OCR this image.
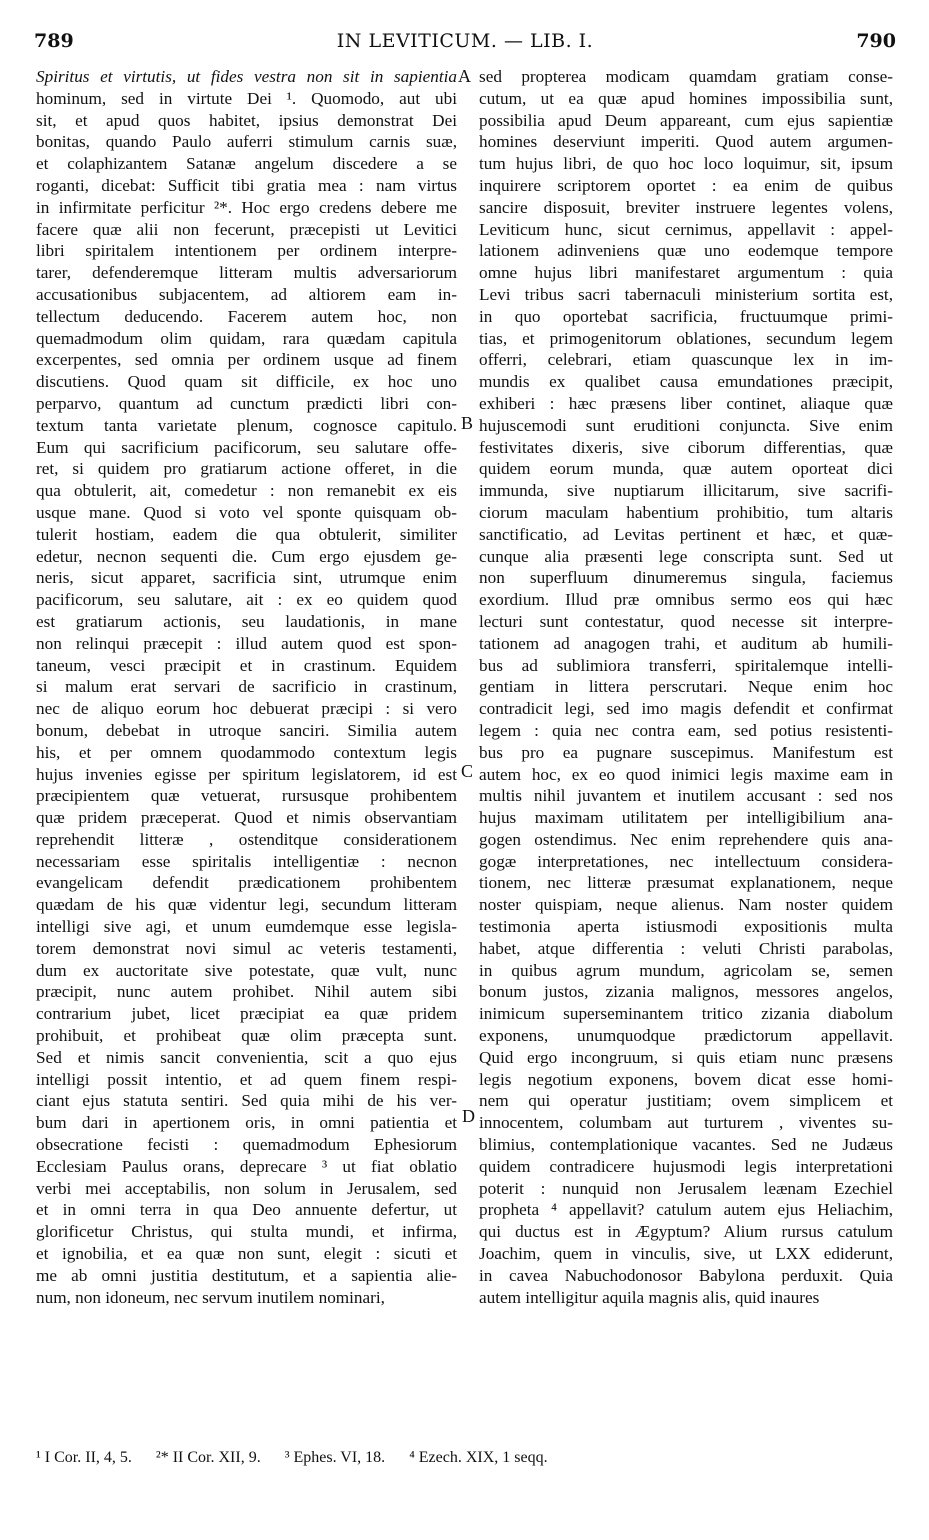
789	IN LEVITICUM. — LIB. I.	790
Spiritus et virtutis, ut fides vestra non sit in sapientia
hominum, sed in virtute Dei ¹. Quomodo, aut ubi
sit, et apud quos habitet, ipsius demonstrat Dei
bonitas, quando Paulo auferri stimulum carnis suæ,
et colaphizantem Satanæ angelum discedere a se
roganti, dicebat: Sufficit tibi gratia mea : nam virtus
in infirmitate perficitur ²*. Hoc ergo credens debere me
facere quæ alii non fecerunt, præcepisti ut Levitici
libri spiritalem intentionem per ordinem interpre-
tarer, defenderemque litteram multis adversariorum
accusationibus subjacentem, ad altiorem eam in-
tellectum deducendo. Facerem autem hoc, non
quemadmodum olim quidam, rara quædam capitula
excerpentes, sed omnia per ordinem usque ad finem
discutiens. Quod quam sit difficile, ex hoc uno
perparvo, quantum ad cunctum prædicti libri con-
textum tanta varietate plenum, cognosce capitulo.
Eum qui sacrificium pacificorum, seu salutare offe-
ret, si quidem pro gratiarum actione offeret, in die
qua obtulerit, ait, comedetur : non remanebit ex eis
usque mane. Quod si voto vel sponte quisquam ob-
tulerit hostiam, eadem die qua obtulerit, similiter
edetur, necnon sequenti die. Cum ergo ejusdem ge-
neris, sicut apparet, sacrificia sint, utrumque enim
pacificorum, seu salutare, ait : ex eo quidem quod
est gratiarum actionis, seu laudationis, in mane
non relinqui præcepit : illud autem quod est spon-
taneum, vesci præcipit et in crastinum. Equidem
si malum erat servari de sacrificio in crastinum,
nec de aliquo eorum hoc debuerat præcipi : si vero
bonum, debebat in utroque sanciri. Similia autem
his, et per omnem quodammodo contextum legis
hujus invenies egisse per spiritum legislatorem, id est
præcipientem quæ vetuerat, rursusque prohibentem
quæ pridem præceperat. Quod et nimis observantiam
reprehendit litteræ , ostenditque considerationem
necessariam esse spiritalis intelligentiæ : necnon
evangelicam defendit prædicationem prohibentem
quædam de his quæ videntur legi, secundum litteram
intelligi sive agi, et unum eumdemque esse legisla-
torem demonstrat novi simul ac veteris testamenti,
dum ex auctoritate sive potestate, quæ vult, nunc
præcipit, nunc autem prohibet. Nihil autem sibi
contrarium jubet, licet præcipiat ea quæ pridem
prohibuit, et prohibeat quæ olim præcepta sunt.
Sed et nimis sancit convenientia, scit a quo ejus
intelligi possit intentio, et ad quem finem respi-
ciant ejus statuta sentiri. Sed quia mihi de his ver-
bum dari in apertionem oris, in omni patientia et
obsecratione fecisti : quemadmodum Ephesiorum
Ecclesiam Paulus orans, deprecare ³ ut fiat oblatio
verbi mei acceptabilis, non solum in Jerusalem, sed
et in omni terra in qua Deo annuente defertur, ut
glorificetur Christus, qui stulta mundi, et infirma,
et ignobilia, et ea quæ non sunt, elegit : sicuti et
me ab omni justitia destitutum, et a sapientia alie-
num, non idoneum, nec servum inutilem nominari,
sed propterea modicam quamdam gratiam conse-
cutum, ut ea quæ apud homines impossibilia sunt,
possibilia apud Deum appareant, cum ejus sapientiæ
homines deserviunt imperiti. Quod autem argumen-
tum hujus libri, de quo hoc loco loquimur, sit, ipsum
inquirere scriptorem oportet : ea enim de quibus
sancire disposuit, breviter instruere legentes volens,
Leviticum hunc, sicut cernimus, appellavit : appel-
lationem adinveniens quæ uno eodemque tempore
omne hujus libri manifestaret argumentum : quia
Levi tribus sacri tabernaculi ministerium sortita est,
in quo oportebat sacrificia, fructuumque primi-
tias, et primogenitorum oblationes, secundum legem
offerri, celebrari, etiam quascunque lex in im-
mundis ex qualibet causa emundationes præcipit,
exhiberi : hæc præsens liber continet, aliaque quæ
hujuscemodi sunt eruditioni conjuncta. Sive enim
festivitates dixeris, sive ciborum differentias, quæ
quidem eorum munda, quæ autem oporteat dici
immunda, sive nuptiarum illicitarum, sive sacrifi-
ciorum maculam habentium prohibitio, tum altaris
sanctificatio, ad Levitas pertinent et hæc, et quæ-
cunque alia præsenti lege conscripta sunt. Sed ut
non superfluum dinumeremus singula, faciemus
exordium. Illud præ omnibus sermo eos qui hæc
lecturi sunt contestatur, quod necesse sit interpre-
tationem ad anagogen trahi, et auditum ab humili-
bus ad sublimiora transferri, spiritalemque intelli-
gentiam in littera perscrutari. Neque enim hoc
contradicit legi, sed imo magis defendit et confirmat
legem : quia nec contra eam, sed potius resistenti-
bus pro ea pugnare suscepimus. Manifestum est
autem hoc, ex eo quod inimici legis maxime eam in
multis nihil juvantem et inutilem accusant : sed nos
hujus maximam utilitatem per intelligibilium ana-
gogen ostendimus. Nec enim reprehendere quis ana-
gogæ interpretationes, nec intellectuum considera-
tionem, nec litteræ præsumat explanationem, neque
noster quispiam, neque alienus. Nam noster quidem
testimonia aperta istiusmodi expositionis multa
habet, atque differentia : veluti Christi parabolas,
in quibus agrum mundum, agricolam se, semen
bonum justos, zizania malignos, messores angelos,
inimicum superseminantem tritico zizania diabolum
exponens, unumquodque prædictorum appellavit.
Quid ergo incongruum, si quis etiam nunc præsens
legis negotium exponens, bovem dicat esse homi-
nem qui operatur justitiam; ovem simplicem et
innocentem, columbam aut turturem , viventes su-
blimius, contemplationique vacantes. Sed ne Judæus
quidem contradicere hujusmodi legis interpretationi
poterit : nunquid non Jerusalem leænam Ezechiel
propheta ⁴ appellavit? catulum autem ejus Heliachim,
qui ductus est in Ægyptum? Alium rursus catulum
Joachim, quem in vinculis, sive, ut LXX ediderunt,
in cavea Nabuchodonosor Babylona perduxit. Quia
autem intelligitur aquila magnis alis, quid inaures
A
B
C
D
¹ I Cor. II, 4, 5. ²* II Cor. XII, 9. ³ Ephes. VI, 18. ⁴ Ezech. XIX, 1 seqq.
